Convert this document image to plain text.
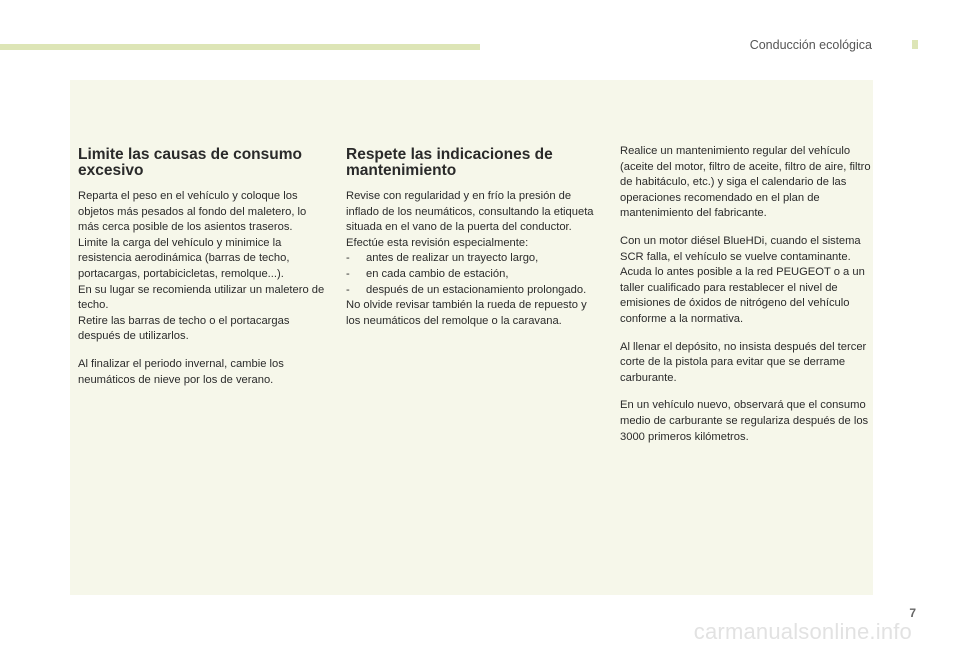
Conducción ecológica
Limite las causas de consumo excesivo

Reparta el peso en el vehículo y coloque los objetos más pesados al fondo del maletero, lo más cerca posible de los asientos traseros.

Limite la carga del vehículo y minimice la resistencia aerodinámica (barras de techo, portacargas, portabicicletas, remolque...).

En su lugar se recomienda utilizar un maletero de techo.

Retire las barras de techo o el portacargas después de utilizarlos.

Al finalizar el periodo invernal, cambie los neumáticos de nieve por los de verano.

Respete las indicaciones de mantenimiento

Revise con regularidad y en frío la presión de inflado de los neumáticos, consultando la etiqueta situada en el vano de la puerta del conductor.

Efectúe esta revisión especialmente:

- antes de realizar un trayecto largo,
- en cada cambio de estación,
- después de un estacionamiento prolongado.

No olvide revisar también la rueda de repuesto y los neumáticos del remolque o la caravana.

Realice un mantenimiento regular del vehículo (aceite del motor, filtro de aceite, filtro de aire, filtro de habitáculo, etc.) y siga el calendario de las operaciones recomendado en el plan de mantenimiento del fabricante.

Con un motor diésel BlueHDi, cuando el sistema SCR falla, el vehículo se vuelve contaminante. Acuda lo antes posible a la red PEUGEOT o a un taller cualificado para restablecer el nivel de emisiones de óxidos de nitrógeno del vehículo conforme a la normativa.

Al llenar el depósito, no insista después del tercer corte de la pistola para evitar que se derrame carburante.

En un vehículo nuevo, observará que el consumo medio de carburante se regulariza después de los 3000 primeros kilómetros.

7
carmanualsonline.info
